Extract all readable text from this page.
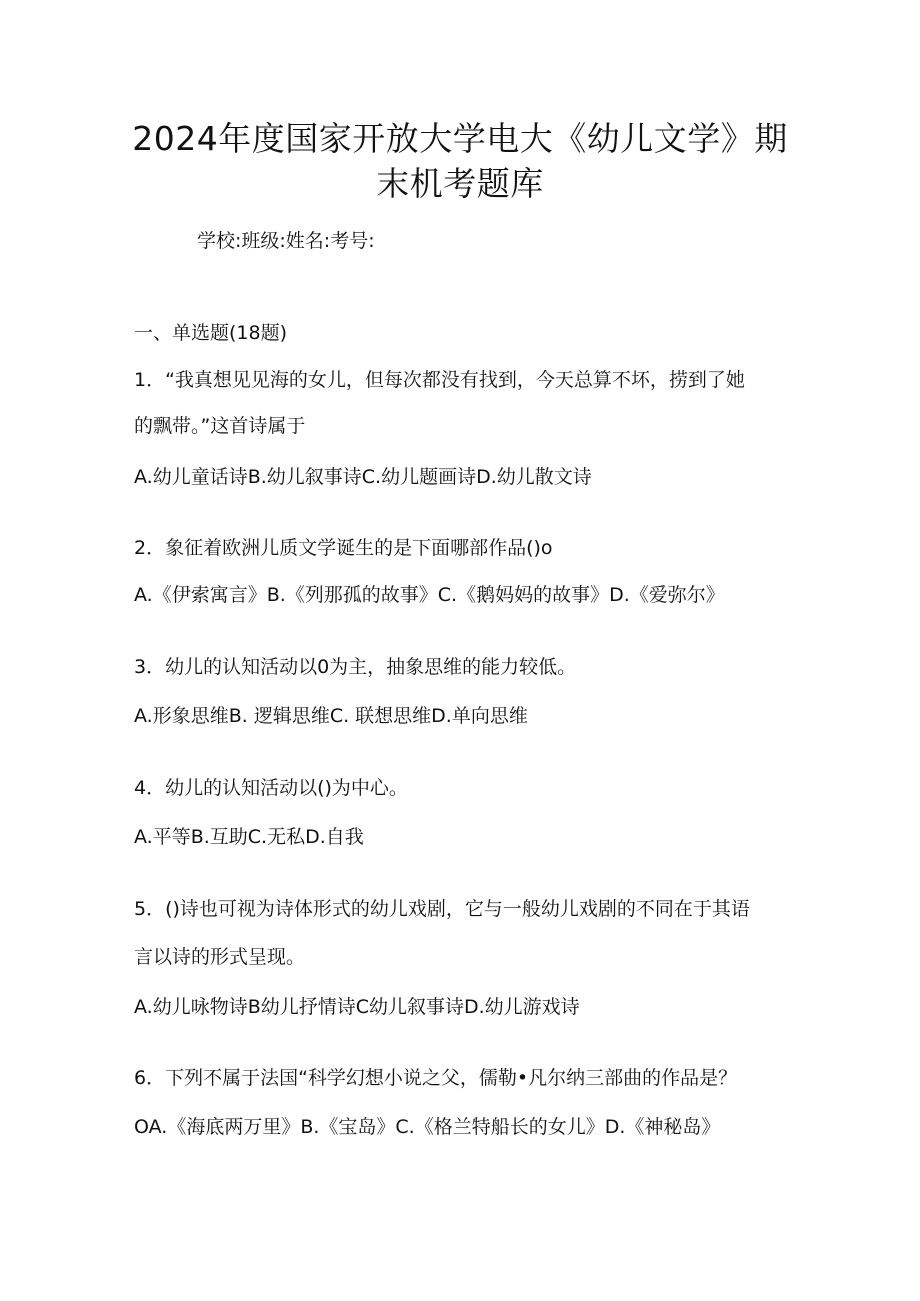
2024年度国家开放大学电大《幼儿文学》期
末机考题库
学校:班级:姓名:考号:
一、单选题(18题)
1．“我真想见见海的女儿，但每次都没有找到，今天总算不坏，捞到了她
的飘带。”这首诗属于
A.幼儿童话诗B.幼儿叙事诗C.幼儿题画诗D.幼儿散文诗
2．象征着欧洲儿质文学诞生的是下面哪部作品()o
A.《伊索寓言》B.《列那孤的故事》C.《鹅妈妈的故事》D.《爱弥尔》
3．幼儿的认知活动以0为主，抽象思维的能力较低。
A.形象思维B. 逻辑思维C. 联想思维D.单向思维
4．幼儿的认知活动以()为中心。
A.平等B.互助C.无私D.自我
5．()诗也可视为诗体形式的幼儿戏剧，它与一般幼儿戏剧的不同在于其语
言以诗的形式呈现。
A.幼儿咏物诗B幼儿抒情诗C幼儿叙事诗D.幼儿游戏诗
6．下列不属于法国“科学幻想小说之父，儒勒•凡尔纳三部曲的作品是？
OA.《海底两万里》B.《宝岛》C.《格兰特船长的女儿》D.《神秘岛》
